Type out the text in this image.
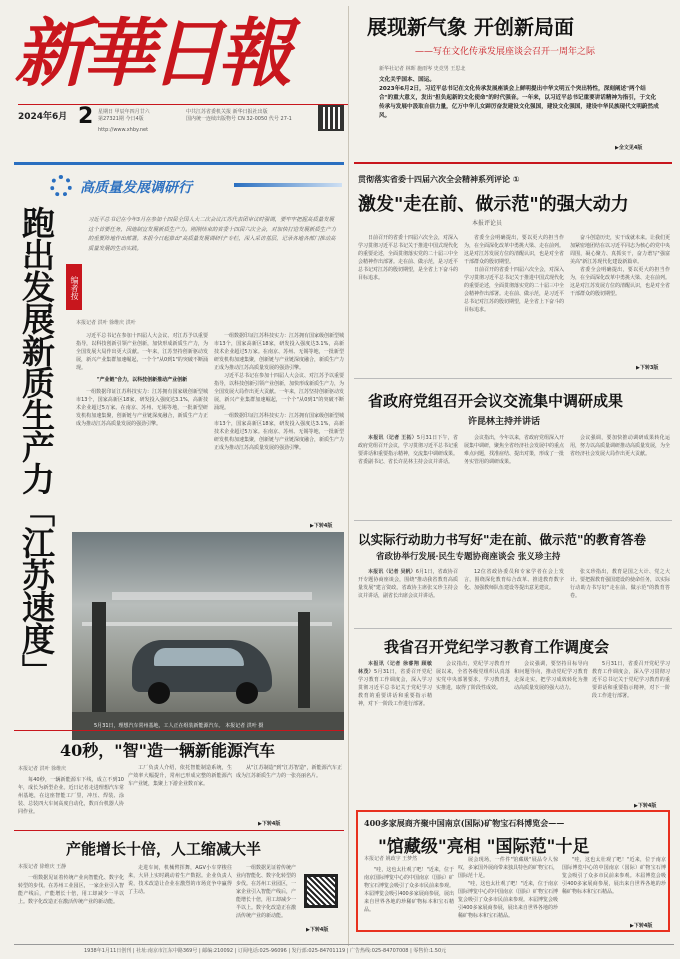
新華日報
2024年6月 2 星期日 甲辰年四月廿六
第27321期 今日4版
http://www.xhby.net
中共江苏省委机关报 新华日报社出版
国内统一连续出版物号 CN 32-0050 代号 27-1
展现新气象 开创新局面
——写在文化传承发展座谈会召开一周年之际
新华社记者 林晖 施雨岑 史竞男 王思北
文化关乎国本、国运。
2023年6月2日，习近平总书记在文化传承发展座谈会上鲜明提出中华文明五个突出特性，深刻阐述"两个结合"的重大意义，发出"担负起新的文化使命"的时代强音。一年来，以习近平总书记重要讲话精神为指引，于文化传承与发展中汲取自信力量，亿万中华儿女踔厉奋发建设文化强国，建设文化强国，建设中华民族现代文明蔚然成风。
▶全文见4版
高质量发展调研行
跑出发展新质生产力「江苏速度」	编者按
习近平总书记在今年3月在参加十四届全国人大二次会议江苏代表团审议时强调，要牢牢把握高质量发展这个首要任务，因地制宜发展新质生产力。刚刚结束的省委十四届六次全会，对加快打造发展新质生产力的重要阵地作出部署。本报今日起推出"高质量发展调研行"专栏，深入采访基层，记录各地各部门推动高质量发展的生动实践。
本报记者 洪叶 徐维庆 洪叶

习近平总书记在参加十四届人大会议、对江苏予以重要指导，以科技创新引领产业创新，加快形成新质生产力，为全国发展大局作出更大贡献。一年来，江苏坚持创新驱动发展，新兴产业集群加速崛起，一个个"从0到1"的突破不断涌现。

"产业链"合力，以科技创新推动产业创新

一组数据印证江苏科技实力：江苏拥有国家级创新型城市13个，国家高新区18家，研发投入强度达3.1%，高新技术企业超过5万家。在南京、苏州、无锡等地，一批新型研发机构加速集聚，创新链与产业链深度融合，新质生产力正成为推动江苏高质量发展的强劲引擎。

一组数据印证江苏科技实力：江苏拥有国家级创新型城市13个，国家高新区18家，研发投入强度达3.1%，高新技术企业超过5万家。在南京、苏州、无锡等地，一批新型研发机构加速集聚，创新链与产业链深度融合，新质生产力正成为推动江苏高质量发展的强劲引擎。

习近平总书记在参加十四届人大会议、对江苏予以重要指导，以科技创新引领产业创新，加快形成新质生产力，为全国发展大局作出更大贡献。一年来，江苏坚持创新驱动发展，新兴产业集群加速崛起，一个个"从0到1"的突破不断涌现。

一组数据印证江苏科技实力：江苏拥有国家级创新型城市13个，国家高新区18家，研发投入强度达3.1%，高新技术企业超过5万家。在南京、苏州、无锡等地，一批新型研发机构加速集聚，创新链与产业链深度融合，新质生产力正成为推动江苏高质量发展的强劲引擎。

▶下转4版
5月31日，理想汽车常州基地，工人正在组装新能源汽车。 本报记者 洪叶 摄
40秒，"智"造一辆新能源汽车
本报记者 洪叶 徐维庆

每40秒，一辆新能源车下线，成立不到10年，成长为新型企业。近日记者走进理想汽车常州基地，在这座智能工厂里，冲压、焊装、涂装、总装四大车间高度自动化，数百台机器人协同作业。

工厂负责人介绍，依托智能制造系统，生产效率大幅提升，常州已形成完整的新能源汽车产业链，集聚上下游企业数百家。

从"江苏制造"到"江苏智造"，新能源汽车正成为江苏新质生产力的一张亮丽名片。

▶下转4版
产能增长十倍，人工缩减大半
本报记者 徐维庆 王静

一组数据见证着传统产业向智能化、数字化转型的步伐。在苏州工业园区，一家企业引入智能产线后，产能增长十倍，用工却减少一半以上。数字化改造正在激活传统产业的新动能。

走进车间，机械臂挥舞，AGV小车穿梭往来，大屏上实时跳动着生产数据。企业负责人说，技术改造让企业在激烈的市场竞争中赢得了主动。

一组数据见证着传统产业向智能化、数字化转型的步伐。在苏州工业园区，一家企业引入智能产线后，产能增长十倍，用工却减少一半以上。数字化改造正在激活传统产业的新动能。

▶下转4版
贯彻落实省委十四届六次全会精神系列评论 ①
激发"走在前、做示范"的强大动力
本报评论员

日前召开的省委十四届六次全会，对深入学习贯彻习近平总书记关于推进中国式现代化的重要论述，全面贯彻落实党的二十届三中全会精神作出部署。走在前、做示范，是习近平总书记对江苏的殷切期望，是全省上下奋斗的目标追求。

省委全会明确提出，要以更大的担当作为，在全面深化改革中勇挑大梁、走在前列。这是对江苏发展方位的清醒认识，也是对全省干部群众的殷切期望。

日前召开的省委十四届六次全会，对深入学习贯彻习近平总书记关于推进中国式现代化的重要论述，全面贯彻落实党的二十届三中全会精神作出部署。走在前、做示范，是习近平总书记对江苏的殷切期望，是全省上下奋斗的目标追求。

奋斗创造历史，实干成就未来。让我们更加紧密地团结在以习近平同志为核心的党中央周围，凝心聚力、真抓实干，奋力谱写"强富美高"新江苏现代化建设新篇章。

省委全会明确提出，要以更大的担当作为，在全面深化改革中勇挑大梁、走在前列。这是对江苏发展方位的清醒认识，也是对全省干部群众的殷切期望。

▶下转3版
省政府党组召开会议交流集中调研成果
许昆林主持并讲话

本报讯（记者 王拓）5月31日下午，省政府党组召开会议，学习贯彻习近平总书记重要讲话和重要指示精神，交流集中调研成果。省委副书记、省长许昆林主持会议并讲话。

会议指出，今年以来，省政府党组深入开展集中调研，聚焦全省经济社会发展中的重点难点问题，找准症结、提出对策，形成了一批务实管用的调研成果。

会议强调，要加快推动调研成果转化运用，努力以高质量调研推动高质量发展，为全省经济社会发展大局作出更大贡献。

以实际行动助力书写好"走在前、做示范"的教育答卷
省政协举行发展·民生专题协商座谈会 张义珍主持

本报讯（记者 吴帆）6月1日，省政协召开专题协商座谈会，围绕"推动我省教育高质量发展"建言资政。省政协主席张义珍主持会议并讲话，副省长出席会议并讲话。

12位省政协委员和专家学者在会上发言，围绕深化教育综合改革、推进教育数字化、加强教师队伍建设等提出意见建议。

张义珍指出，教育是国之大计、党之大计。要把握教育强国建设的使命任务，以实际行动助力书写好"走在前、做示范"的教育答卷。

我省召开党纪学习教育工作调度会

本报讯（记者 徐睿翔 顾敏 林茂）5月31日，省委召开党纪学习教育工作调度会，深入学习贯彻习近平总书记关于党纪学习教育的重要讲话和重要指示精神，对下一阶段工作进行部署。

会议指出，党纪学习教育开展以来，全省各级党组织认真落实党中央部署要求，学习教育扎实推进，取得了阶段性成效。

会议强调，要坚持目标导向和问题导向，推动党纪学习教育走深走实，把学习成效转化为推动高质量发展的强大动力。

5月31日，省委召开党纪学习教育工作调度会，深入学习贯彻习近平总书记关于党纪学习教育的重要讲话和重要指示精神，对下一阶段工作进行部署。

▶下转4版
400多家展商齐聚中国南京(国际)矿物宝石科博览会——
"馆藏级"亮相 "国际范"十足
本报记者 姚政宇 王梦然

"哇，这也太壮观了吧！"近来，位于南京国际博览中心的中国南京（国际）矿物宝石博览会吸引了众多市民前来参观。本届博览会吸引400多家展商参展，展出来自世界各地的珍稀矿物标本和宝石精品。

展会现场，一件件"馆藏级"展品令人惊叹，多家国外展商带来独具特色的矿物宝石，国际范十足。

"哇，这也太壮观了吧！"近来，位于南京国际博览中心的中国南京（国际）矿物宝石博览会吸引了众多市民前来参观。本届博览会吸引400多家展商参展，展出来自世界各地的珍稀矿物标本和宝石精品。

"哇，这也太壮观了吧！"近来，位于南京国际博览中心的中国南京（国际）矿物宝石博览会吸引了众多市民前来参观。本届博览会吸引400多家展商参展，展出来自世界各地的珍稀矿物标本和宝石精品。

▶下转4版
1938年1月11日创刊 | 社址:南京市江东中路369号 | 邮编:210092 | 订阅电话:025-96096 | 发行部:025-84701119 | 广告热线:025-84707008 | 零售价:1.50元
